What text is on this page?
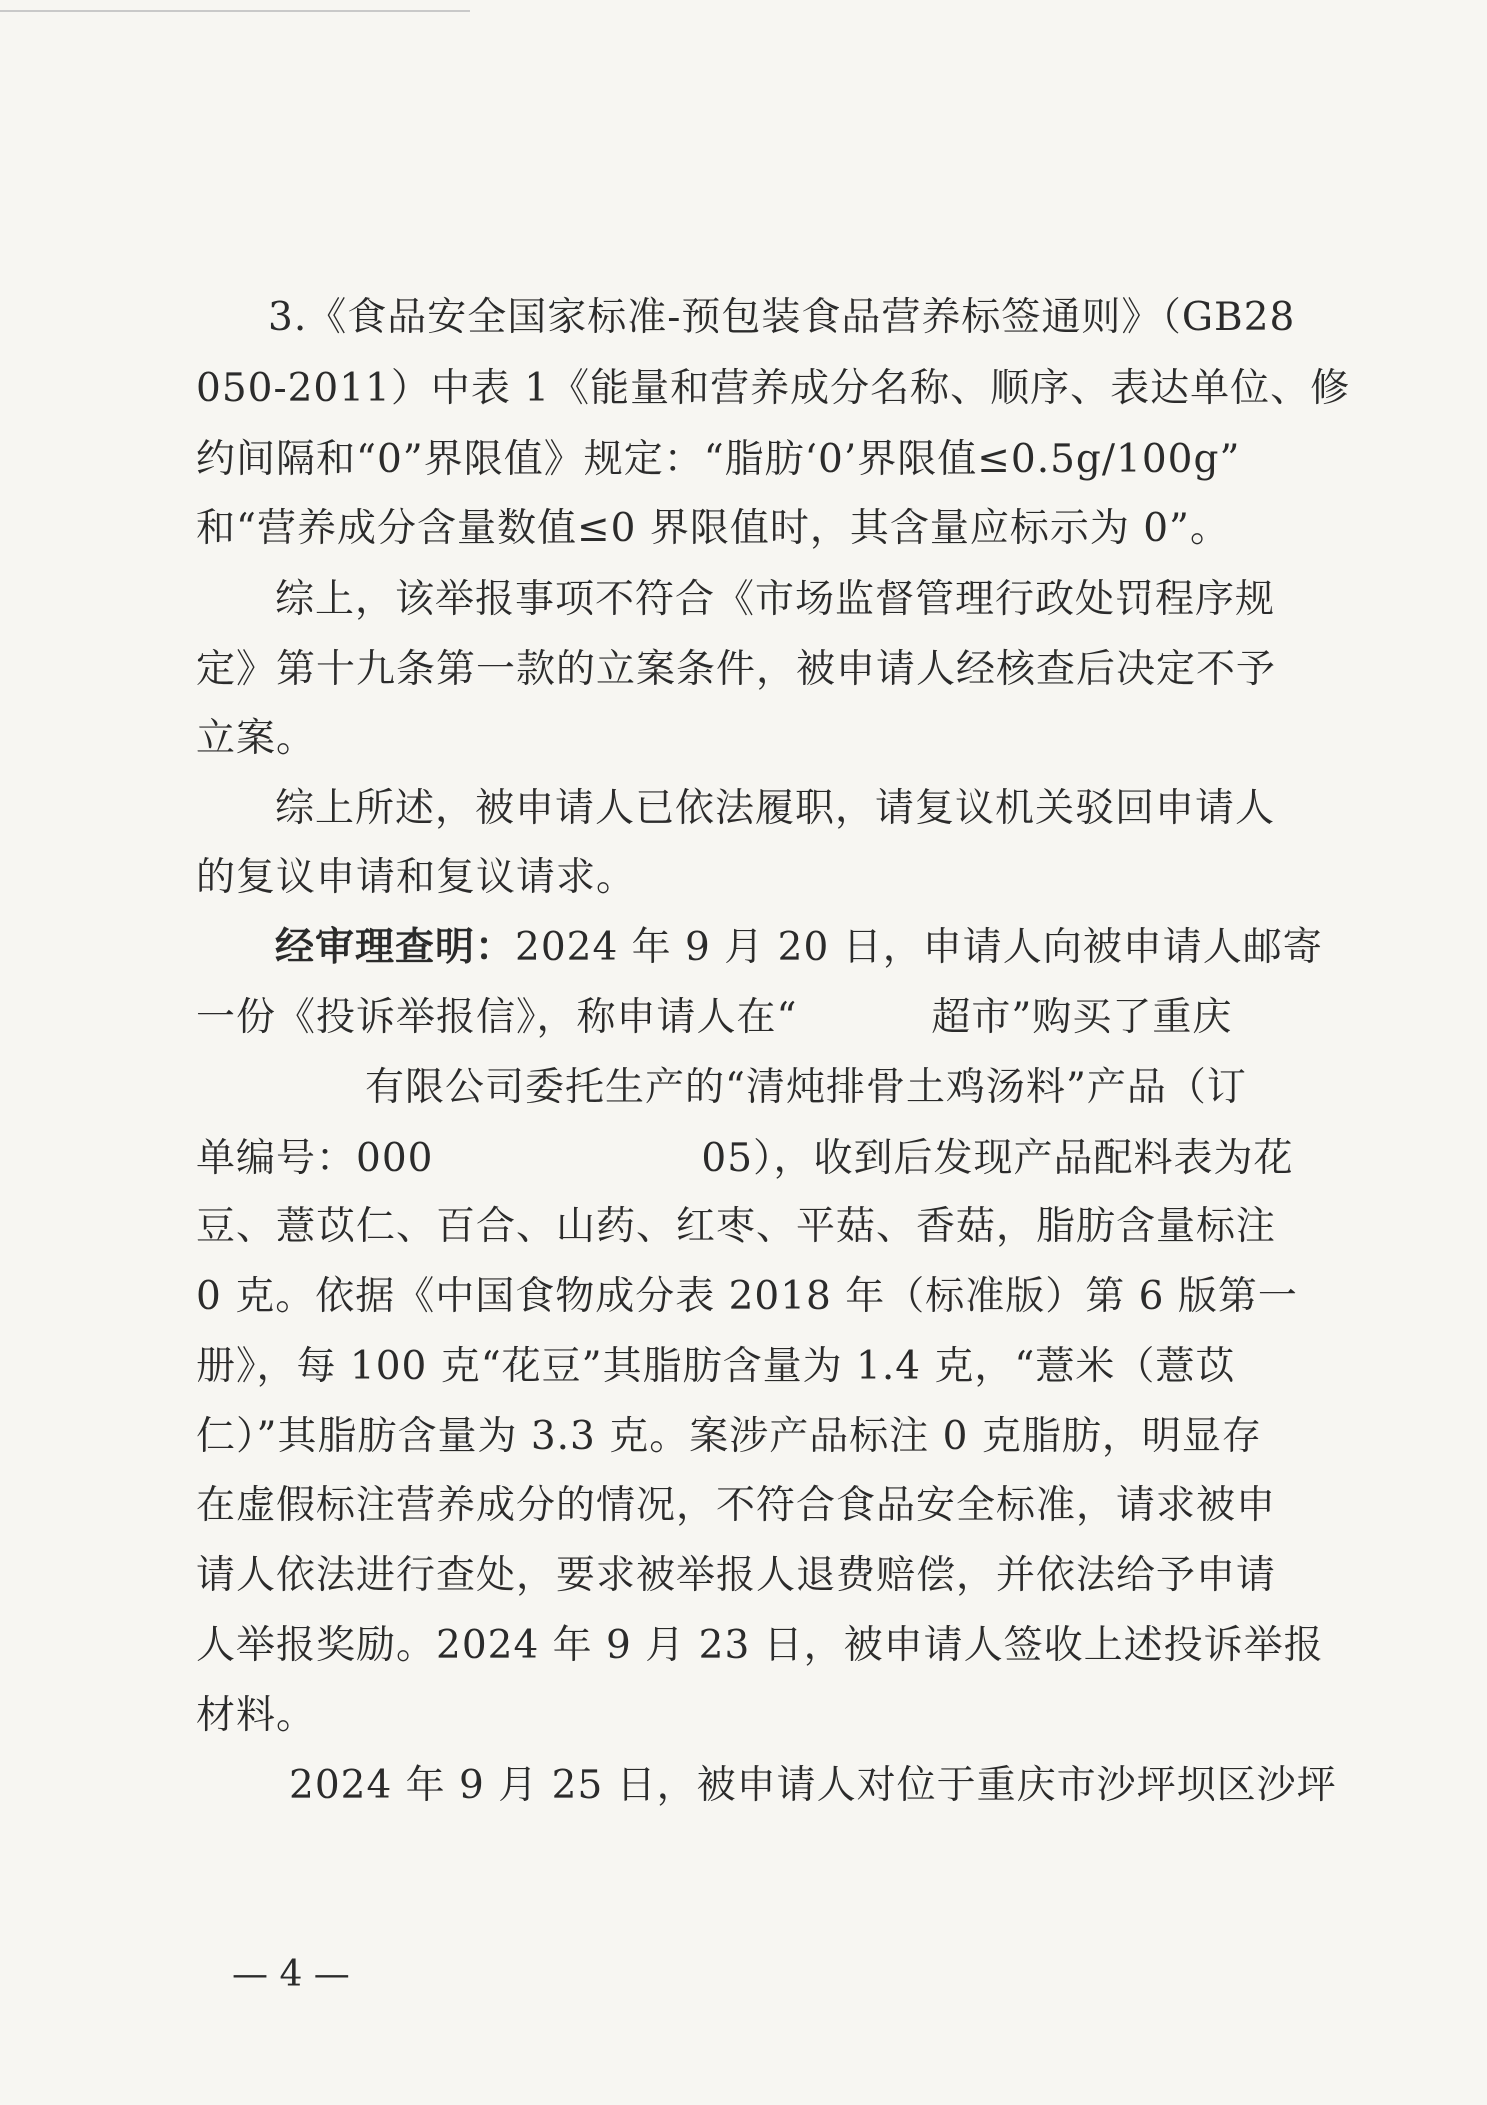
3.《食品安全国家标准-预包装食品营养标签通则》（GB28
050-2011）中表 1《能量和营养成分名称、顺序、表达单位、修
约间隔和“0”界限值》规定：“脂肪‘0’界限值≤0.5g/100g”
和“营养成分含量数值≤0 界限值时，其含量应标示为 0”。
综上，该举报事项不符合《市场监督管理行政处罚程序规
定》第十九条第一款的立案条件，被申请人经核查后决定不予
立案。
综上所述，被申请人已依法履职，请复议机关驳回申请人
的复议申请和复议请求。
经审理查明：2024 年 9 月 20 日，申请人向被申请人邮寄
一份《投诉举报信》，称申请人在“          超市”购买了重庆
有限公司委托生产的“清炖排骨土鸡汤料”产品（订
单编号：000                    05），收到后发现产品配料表为花
豆、薏苡仁、百合、山药、红枣、平菇、香菇，脂肪含量标注
0 克。依据《中国食物成分表 2018 年（标准版）第 6 版第一
册》，每 100 克“花豆”其脂肪含量为 1.4 克，“薏米（薏苡
仁）”其脂肪含量为 3.3 克。案涉产品标注 0 克脂肪，明显存
在虚假标注营养成分的情况，不符合食品安全标准，请求被申
请人依法进行查处，要求被举报人退费赔偿，并依法给予申请
人举报奖励。2024 年 9 月 23 日，被申请人签收上述投诉举报
材料。
2024 年 9 月 25 日，被申请人对位于重庆市沙坪坝区沙坪
— 4 —
